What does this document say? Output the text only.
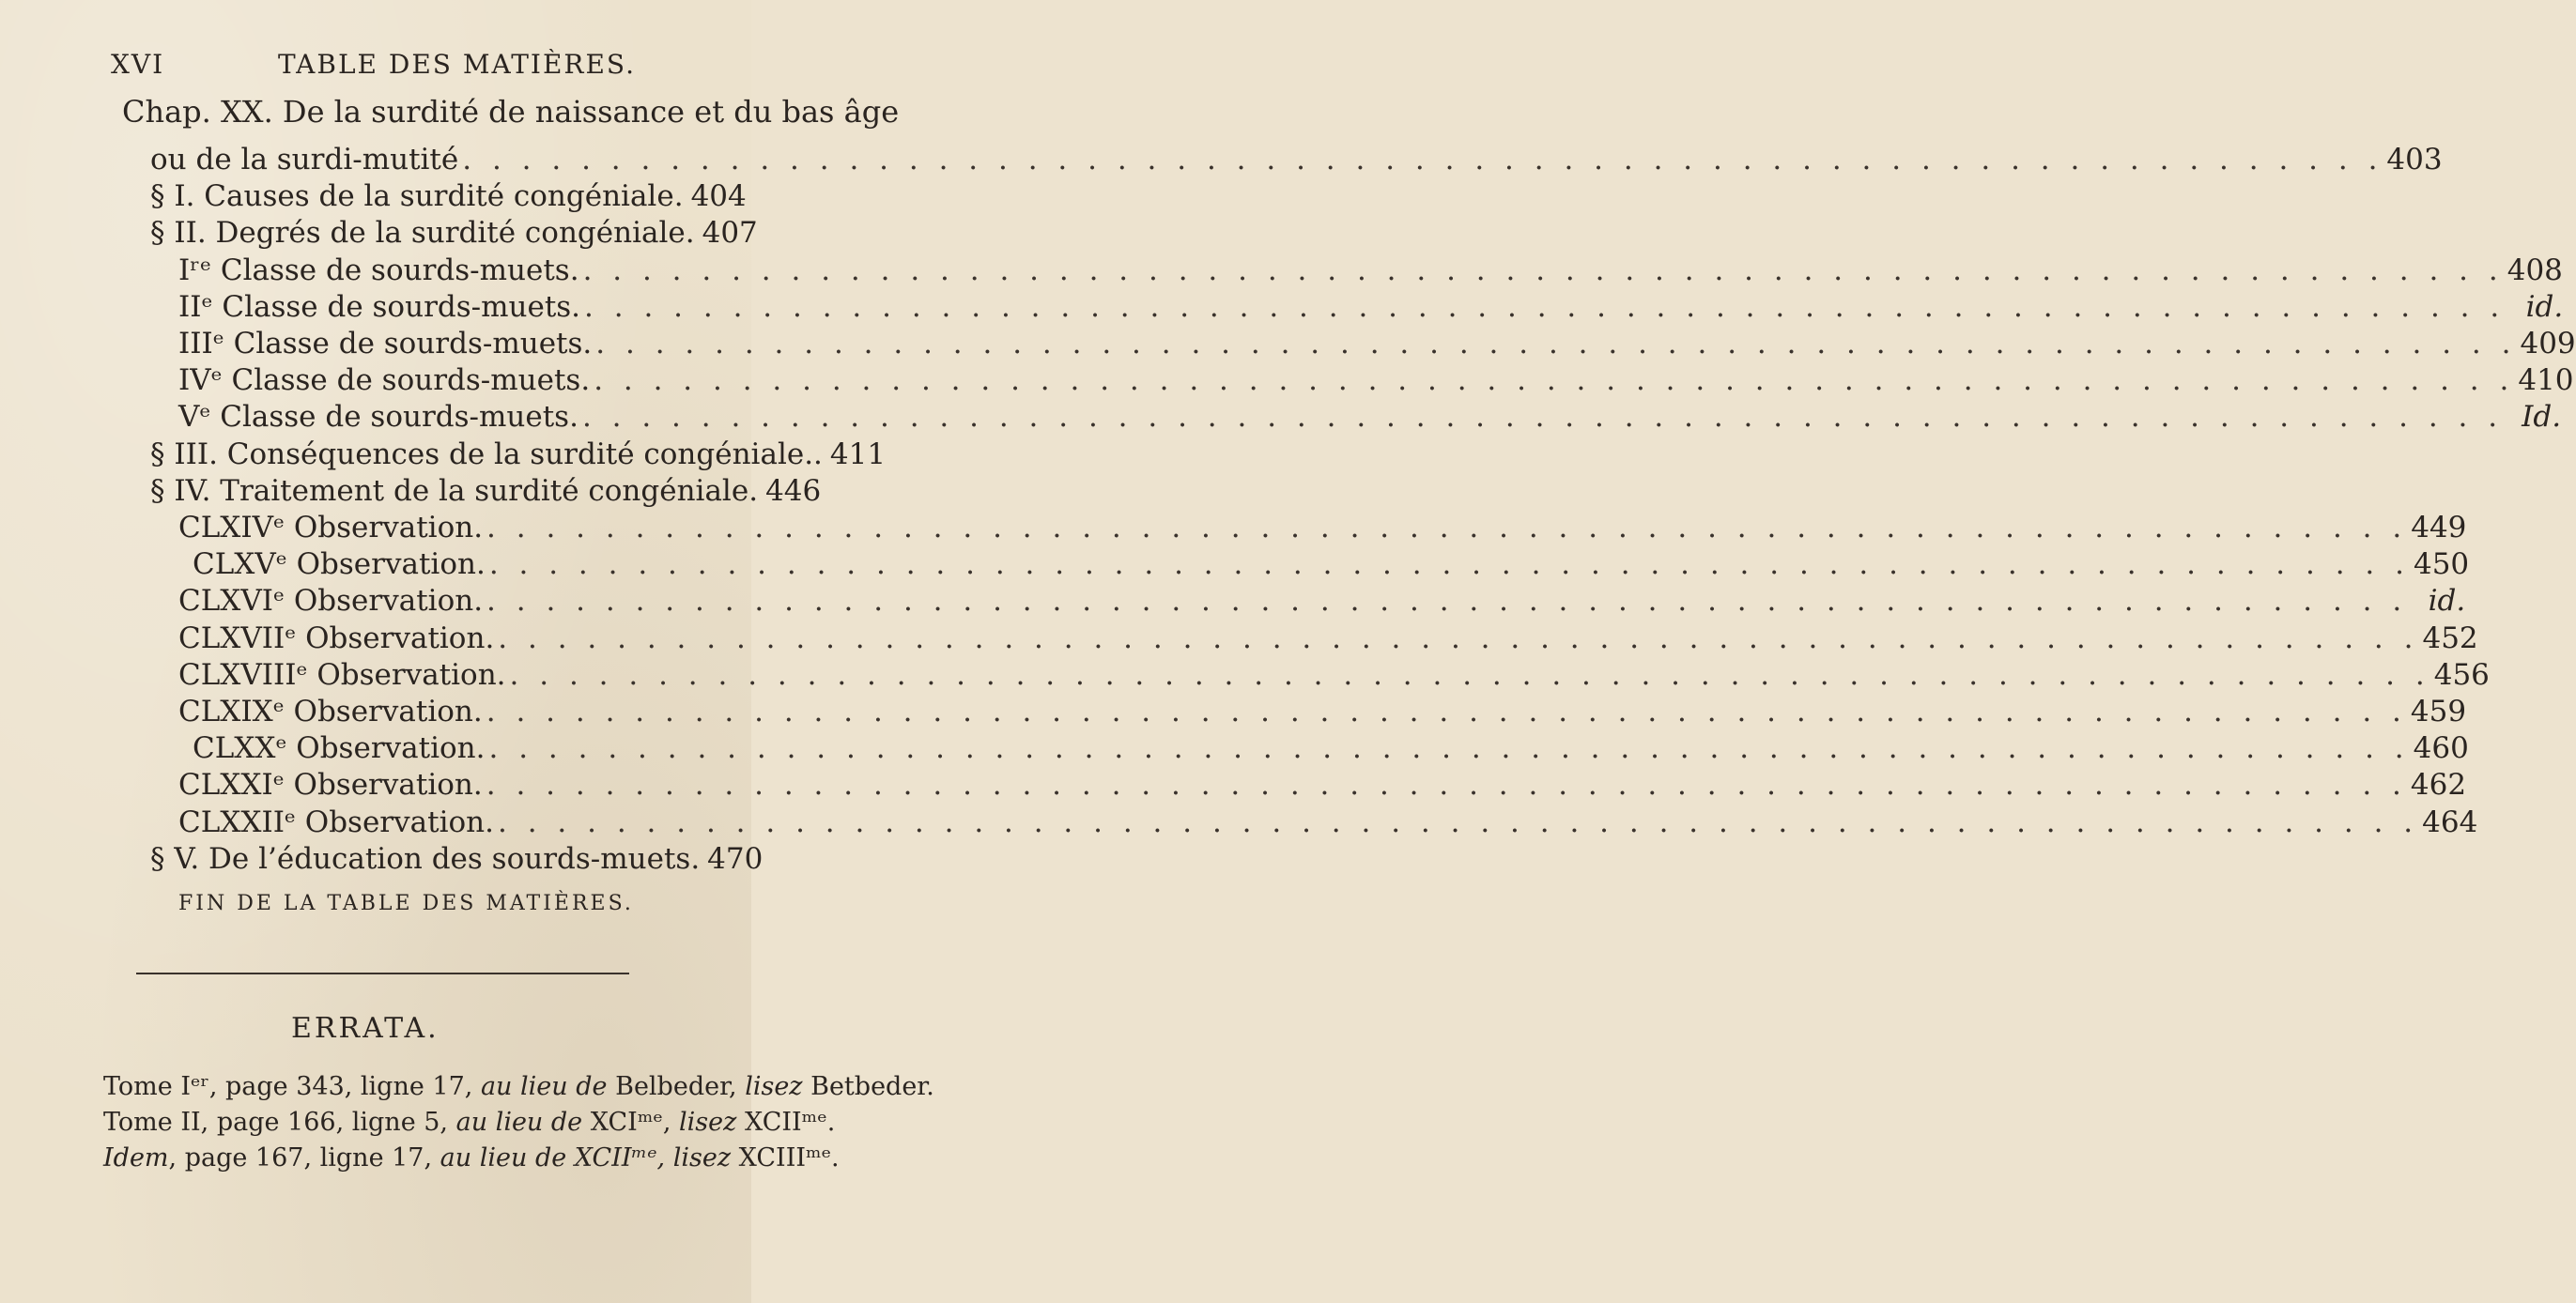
XVI	TABLE DES MATIÈRES.
Chap. XX. De la surdité de naissance et du bas âge
ou de la surdi-mutité . . .	403
§ I. Causes de la surdité congéniale. 404
§ II. Degrés de la surdité congéniale. 407
Iʳᵉ Classe de sourds-muets. . . .	408
IIᵉ Classe de sourds-muets. . . .	id.
IIIᵉ Classe de sourds-muets. . . .	409
IVᵉ Classe de sourds-muets. . . .	410
Vᵉ Classe de sourds-muets. . . .	Id.
§ III. Conséquences de la surdité congéniale.. 411
§ IV. Traitement de la surdité congéniale. 446
CLXIVᵉ Observation. . . .	449
CLXVᵉ Observation. . . .	450
CLXVIᵉ Observation. . . .	id.
CLXVIIᵉ Observation. . . .	452
CLXVIIIᵉ Observation. . . .	456
CLXIXᵉ Observation. . . .	459
CLXXᵉ Observation. . . .	460
CLXXIᵉ Observation. . . .	462
CLXXIIᵉ Observation. . . .	464
§ V. De l’éducation des sourds-muets. 470
FIN DE LA TABLE DES MATIÈRES.
ERRATA.
Tome Iᵉʳ, page 343, ligne 17, au lieu de Belbeder, lisez Betbeder.
Tome II, page 166, ligne 5, au lieu de XCIᵐᵉ, lisez XCIIᵐᵉ.
Idem, page 167, ligne 17, au lieu de XCIIᵐᵉ, lisez XCIIIᵐᵉ.
